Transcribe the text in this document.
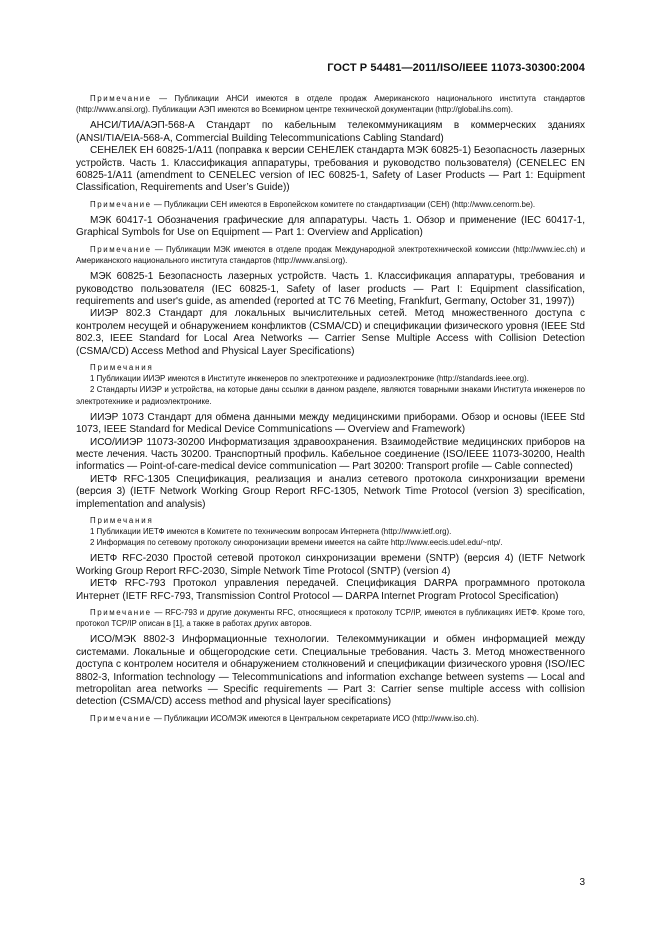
ГОСТ Р 54481—2011/ISO/IEEE 11073-30300:2004

Примечание — Публикации АНСИ имеются в отделе продаж Американского национального института стандартов (http://www.ansi.org). Публикации АЭП имеются во Всемирном центре технической документации (http://global.ihs.com).

АНСИ/ТИА/АЭП-568-А Стандарт по кабельным телекоммуникациям в коммерческих зданиях (ANSI/TIA/EIA-568-A, Commercial Building Telecommunications Cabling Standard)

СЕНЕЛЕК ЕН 60825-1/А11 (поправка к версии СЕНЕЛЕК стандарта МЭК 60825-1) Безопасность лазерных устройств. Часть 1. Классификация аппаратуры, требования и руководство пользователя) (CENELEC EN 60825-1/A11 (amendment to CENELEC version of IEC 60825-1, Safety of Laser Products — Part 1: Equipment Classification, Requirements and User’s Guide))

Примечание — Публикации СЕН имеются в Европейском комитете по стандартизации (СЕН) (http://www.cenorm.be).

МЭК 60417-1 Обозначения графические для аппаратуры. Часть 1. Обзор и применение (IEC 60417-1, Graphical Symbols for Use on Equipment — Part 1: Overview and Application)

Примечание — Публикации МЭК имеются в отделе продаж Международной электротехнической комиссии (http://www.iec.ch) и Американского национального института стандартов (http://www.ansi.org).

МЭК 60825-1 Безопасность лазерных устройств. Часть 1. Классификация аппаратуры, требования и руководство пользователя (IEC 60825-1, Safety of laser products — Part I: Equipment classification, requirements and user's guide, as amended (reported at TC 76 Meeting, Frankfurt, Germany, October 31, 1997))

ИИЭР 802.3 Стандарт для локальных вычислительных сетей. Метод множественного доступа с контролем несущей и обнаружением конфликтов (CSMA/CD) и спецификации физического уровня (IEEE Std 802.3, IEEE Standard for Local Area Networks — Carrier Sense Multiple Access with Collision Detection (CSMA/CD) Access Method and Physical Layer Specifications)

Примечания

1 Публикации ИИЭР имеются в Институте инженеров по электротехнике и радиоэлектронике (http://standards.ieee.org).

2 Стандарты ИИЭР и устройства, на которые даны ссылки в данном разделе, являются товарными знаками Института инженеров по электротехнике и радиоэлектронике.

ИИЭР 1073 Стандарт для обмена данными между медицинскими приборами. Обзор и основы (IEEE Std 1073, IEEE Standard for Medical Device Communications — Overview and Framework)

ИСО/ИИЭР 11073-30200 Информатизация здравоохранения. Взаимодействие медицинских приборов на месте лечения. Часть 30200. Транспортный профиль. Кабельное соединение (ISO/IEEE 11073-30200, Health informatics — Point-of-care-medical device communication — Part 30200: Transport profile — Cable connected)

ИЕТФ RFC-1305 Спецификация, реализация и анализ сетевого протокола синхронизации времени (версия 3) (IETF Network Working Group Report RFC-1305, Network Time Protocol (version 3) specification, implementation and analysis)

Примечания

1 Публикации ИЕТФ имеются в Комитете по техническим вопросам Интернета (http://www.ietf.org).

2 Информация по сетевому протоколу синхронизации времени имеется на сайте http://www.eecis.udel.edu/~ntp/.

ИЕТФ RFC-2030 Простой сетевой протокол синхронизации времени (SNTP) (версия 4) (IETF Network Working Group Report RFC-2030, Simple Network Time Protocol (SNTP) (version 4)

ИЕТФ RFC-793 Протокол управления передачей. Спецификация DARPA программного протокола Интернет (IETF RFC-793, Transmission Control Protocol — DARPA Internet Program Protocol Specification)

Примечание — RFC-793 и другие документы RFC, относящиеся к протоколу TCP/IP, имеются в публикациях ИЕТФ. Кроме того, протокол TCP/IP описан в [1], а также в работах других авторов.

ИСО/МЭК 8802-3 Информационные технологии. Телекоммуникации и обмен информацией между системами. Локальные и общегородские сети. Специальные требования. Часть 3. Метод множественного доступа с контролем носителя и обнаружением столкновений и спецификации физического уровня (ISO/IEC 8802-3, Information technology — Telecommunications and information exchange between systems — Local and metropolitan area networks — Specific requirements — Part 3: Carrier sense multiple access with collision detection (CSMA/CD) access method and physical layer specifications)

Примечание — Публикации ИСО/МЭК имеются в Центральном секретариате ИСО (http://www.iso.ch).

3
